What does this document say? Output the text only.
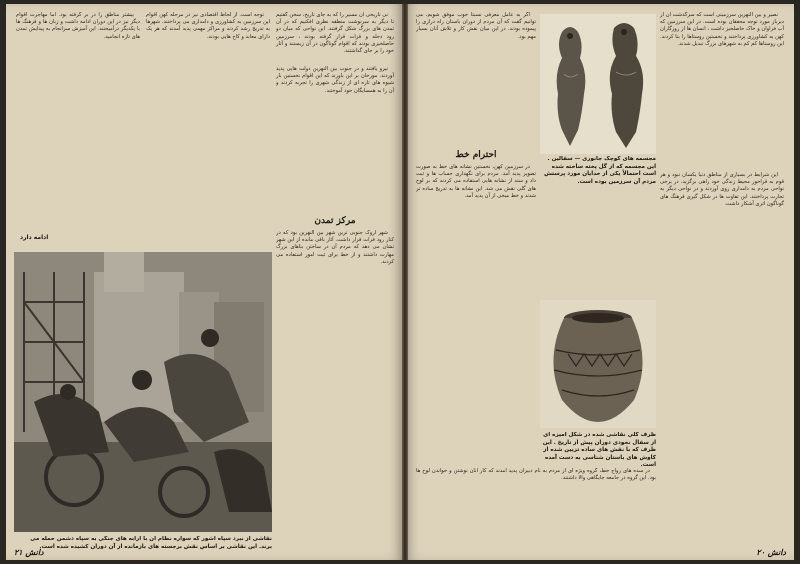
نی تاریخی آن مسیر را که به جای تاریخ، سخن گفتیم تا دیگر به سرنوشت منطقه نظری افکنیم که در آن تمدن های بزرگ شکل گرفتند. این نواحی که میان دو رود دجله و فرات قرار گرفته بودند ، سرزمین حاصلخیزی بودند که اقوام گوناگون در آن زیستند و آثار خود را بر جای گذاشتند.

توجه است. از لحاظ اقتصادی نیز در مرحله کهن اقوام این سرزمین به کشاورزی و دامداری می پرداختند. شهرها به تدریج رشد کردند و مراکز مهمی پدید آمدند که هر یک دارای معابد و کاخ هایی بودند.

بیشتر مناطق را در بر گرفته بود. اما مهاجرت اقوام دیگر نیز در این دوران ادامه داشت و زبان ها و فرهنگ ها با یکدیگر درآمیختند. این آمیزش سرانجام به پیدایش تمدن های تازه انجامید.

ادامه دارد
مرکز تمدن

شهر اروک جنوبی ترین شهر بین النهرین بود که در کنار رود فرات قرار داشت. آثار باقی مانده از این شهر نشان می دهد که مردم آن در ساختن بناهای بزرگ مهارت داشتند و از خط برای ثبت امور استفاده می کردند.

نیرو یافتند و در جنوب بین النهرین دولت هایی پدید آوردند. مورخان بر این باورند که این اقوام نخستین بار شیوه های تازه ای از زندگی شهری را تجربه کردند و آن را به همسایگان خود آموختند.

نقاشی از نبرد سپاه آشور که سواره نظام آن با ارابه های جنگی به سپاه دشمن حمله می برند. این نقاشی بر اساس نقش برجسته های بازمانده از آن دوران کشیده شده است.
۲۱ دانش

نصیر و بین النهرین سرزمینی است که سرگذشت آن از دیرباز مورد توجه محققان بوده است. در این سرزمین که آب فراوان و خاک حاصلخیز داشت ، انسان ها از روزگاران کهن به کشاورزی پرداختند و نخستین روستاها را بنا کردند. این روستاها کم کم به شهرهای بزرگ تبدیل شدند.

این شرایط در بسیاری از مناطق دنیا یکسان نبود و هر قوم به فراخور محیط زندگی خود راهی برگزید. در برخی نواحی مردم به دامداری روی آوردند و در نواحی دیگر به تجارت پرداختند. این تفاوت ها در شکل گیری فرهنگ های گوناگون اثری آشکار داشت.

اگر به عامل معرفی نسبتاً خوب موفق شویم، می توانیم گفت که آن مردم از دوران باستان راه درازی را پیموده بودند. در این میان نقش کار و تلاش آنان بسیار مهم بود.

احترام خط

در سرزمین کهن، نخستین نشانه های خط به صورت تصویر پدید آمد. مردم برای نگهداری حساب ها و ثبت داد و ستد از نشانه هایی استفاده می کردند که بر لوح های گلی نقش می شد. این نشانه ها به تدریج ساده تر شدند و خط میخی از آن پدید آمد.

در سده های رواج خط، گروه ویژه ای از مردم به نام دبیران پدید آمدند که کار آنان نوشتن و خواندن لوح ها بود. این گروه در جامعه جایگاهی والا داشتند.

مجسمه های کوچک جانوری — سفالین . این مجسمه که از گل پخته ساخته شده است احتمالاً یکی از خدایان مورد پرستش مردم آن سرزمین بوده است.
ظرف گلی نقاشی شده در شکل آمیزه ای از سفال نخودی دوران پیش از تاریخ . این ظرف که با نقش های ساده تزیین شده از کاوش های باستان شناسی به دست آمده است.
دانش ۲۰
